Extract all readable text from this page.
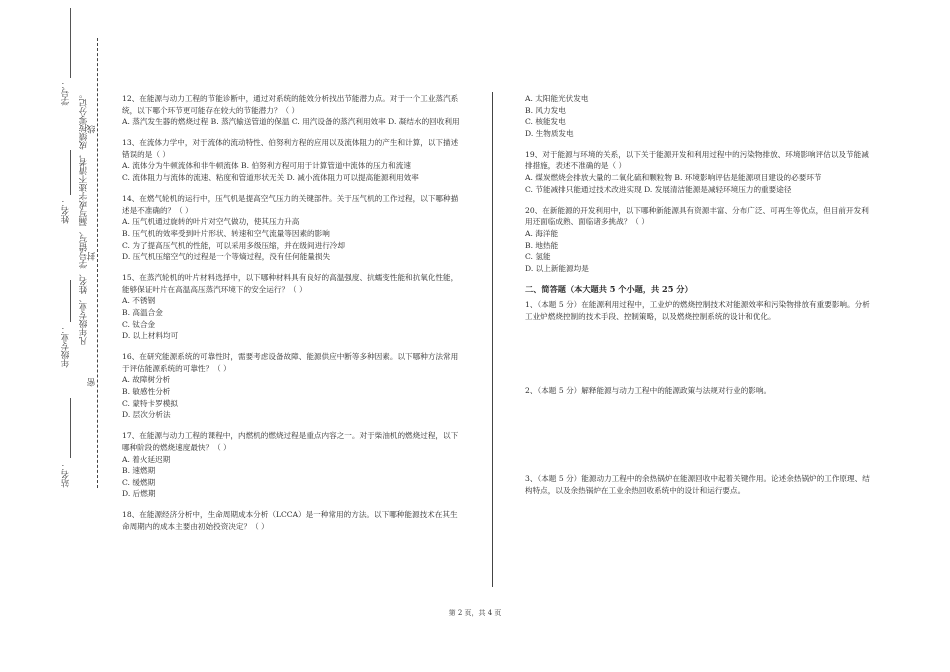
学号：
姓名：
年级专业：
站名：
凡年级专业、姓名、学号错写、漏写或字迹不清者，成绩按零分记。
密
封
线
12、在能源与动力工程的节能诊断中，通过对系统的能效分析找出节能潜力点。对于一个工业蒸汽系统，以下哪个环节更可能存在较大的节能潜力？（ ）
A. 蒸汽发生器的燃烧过程 B. 蒸汽输送管道的保温 C. 用汽设备的蒸汽利用效率 D. 凝结水的回收利用
13、在流体力学中，对于流体的流动特性、伯努利方程的应用以及流体阻力的产生和计算，以下描述错误的是（ ）
A. 流体分为牛顿流体和非牛顿流体 B. 伯努利方程可用于计算管道中流体的压力和流速
C. 流体阻力与流体的流速、粘度和管道形状无关 D. 减小流体阻力可以提高能源利用效率
14、在燃气轮机的运行中，压气机是提高空气压力的关键部件。关于压气机的工作过程，以下哪种描述是不准确的？（ ）
A. 压气机通过旋转的叶片对空气做功，使其压力升高
B. 压气机的效率受到叶片形状、转速和空气流量等因素的影响
C. 为了提高压气机的性能，可以采用多级压缩，并在级间进行冷却
D. 压气机压缩空气的过程是一个等熵过程，没有任何能量损失
15、在蒸汽轮机的叶片材料选择中，以下哪种材料具有良好的高温强度、抗蠕变性能和抗氧化性能，能够保证叶片在高温高压蒸汽环境下的安全运行？（ ）
A. 不锈钢
B. 高温合金
C. 钛合金
D. 以上材料均可
16、在研究能源系统的可靠性时，需要考虑设备故障、能源供应中断等多种因素。以下哪种方法常用于评估能源系统的可靠性？（ ）
A. 故障树分析
B. 敏感性分析
C. 蒙特卡罗模拟
D. 层次分析法
17、在能源与动力工程的课程中，内燃机的燃烧过程是重点内容之一。对于柴油机的燃烧过程，以下哪种阶段的燃烧速度最快？（ ）
A. 着火延迟期
B. 速燃期
C. 缓燃期
D. 后燃期
18、在能源经济分析中，生命周期成本分析（LCCA）是一种常用的方法。以下哪种能源技术在其生命周期内的成本主要由初始投资决定？（ ）
A. 太阳能光伏发电
B. 风力发电
C. 核能发电
D. 生物质发电
19、对于能源与环境的关系，以下关于能源开发和利用过程中的污染物排放、环境影响评估以及节能减排措施，表述不准确的是（ ）
A. 煤炭燃烧会排放大量的二氧化硫和颗粒物 B. 环境影响评估是能源项目建设的必要环节
C. 节能减排只能通过技术改进实现 D. 发展清洁能源是减轻环境压力的重要途径
20、在新能源的开发利用中，以下哪种新能源具有资源丰富、分布广泛、可再生等优点，但目前开发利用还面临成熟、面临诸多挑战？（ ）
A. 海洋能
B. 地热能
C. 氢能
D. 以上新能源均是
二、简答题（本大题共 5 个小题，共 25 分）
1、（本题 5 分）在能源利用过程中，工业炉的燃烧控制技术对能源效率和污染物排放有重要影响。分析工业炉燃烧控制的技术手段、控制策略，以及燃烧控制系统的设计和优化。
2、（本题 5 分）解释能源与动力工程中的能源政策与法规对行业的影响。
3、（本题 5 分）能源动力工程中的余热锅炉在能源回收中起着关键作用。论述余热锅炉的工作原理、结构特点，以及余热锅炉在工业余热回收系统中的设计和运行要点。
第 2 页，共 4 页
